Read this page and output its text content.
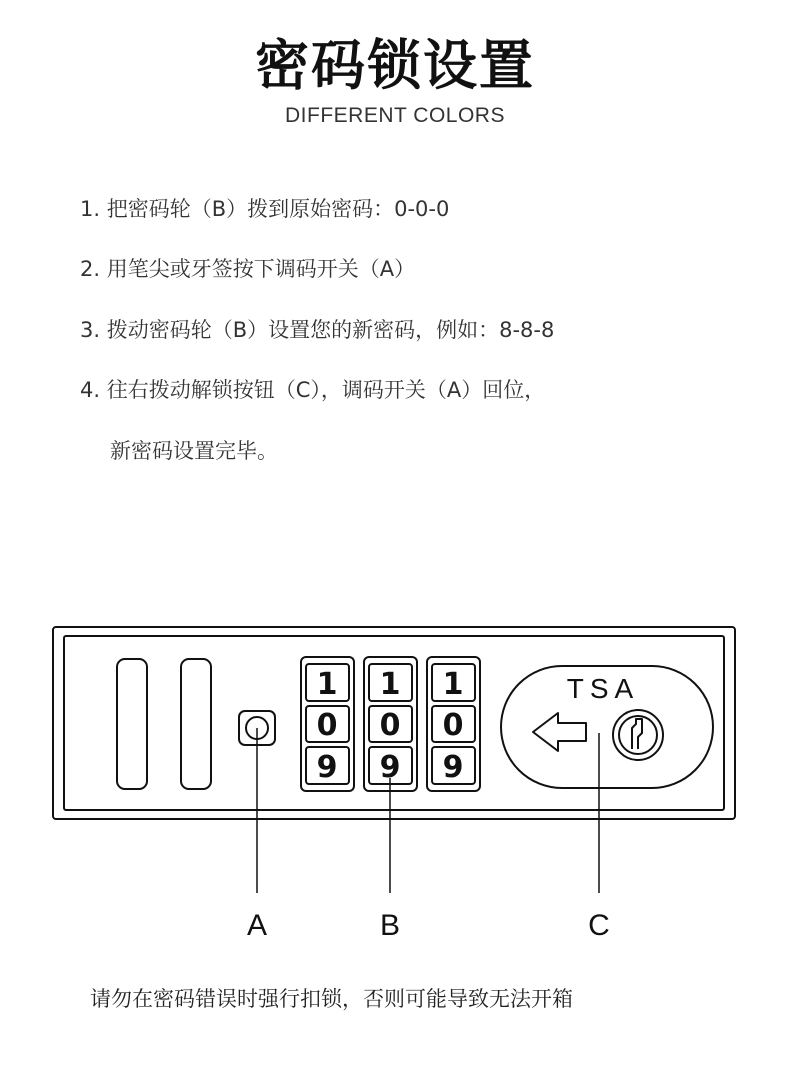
密码锁设置
DIFFERENT COLORS
1. 把密码轮（B）拨到原始密码：0-0-0
2. 用笔尖或牙签按下调码开关（A）
3. 拨动密码轮（B）设置您的新密码，例如：8-8-8
4. 往右拨动解锁按钮（C），调码开关（A）回位，
新密码设置完毕。
1
0
9
1
0
9
1
0
9
TSA
A	B	C
请勿在密码错误时强行扣锁，否则可能导致无法开箱
